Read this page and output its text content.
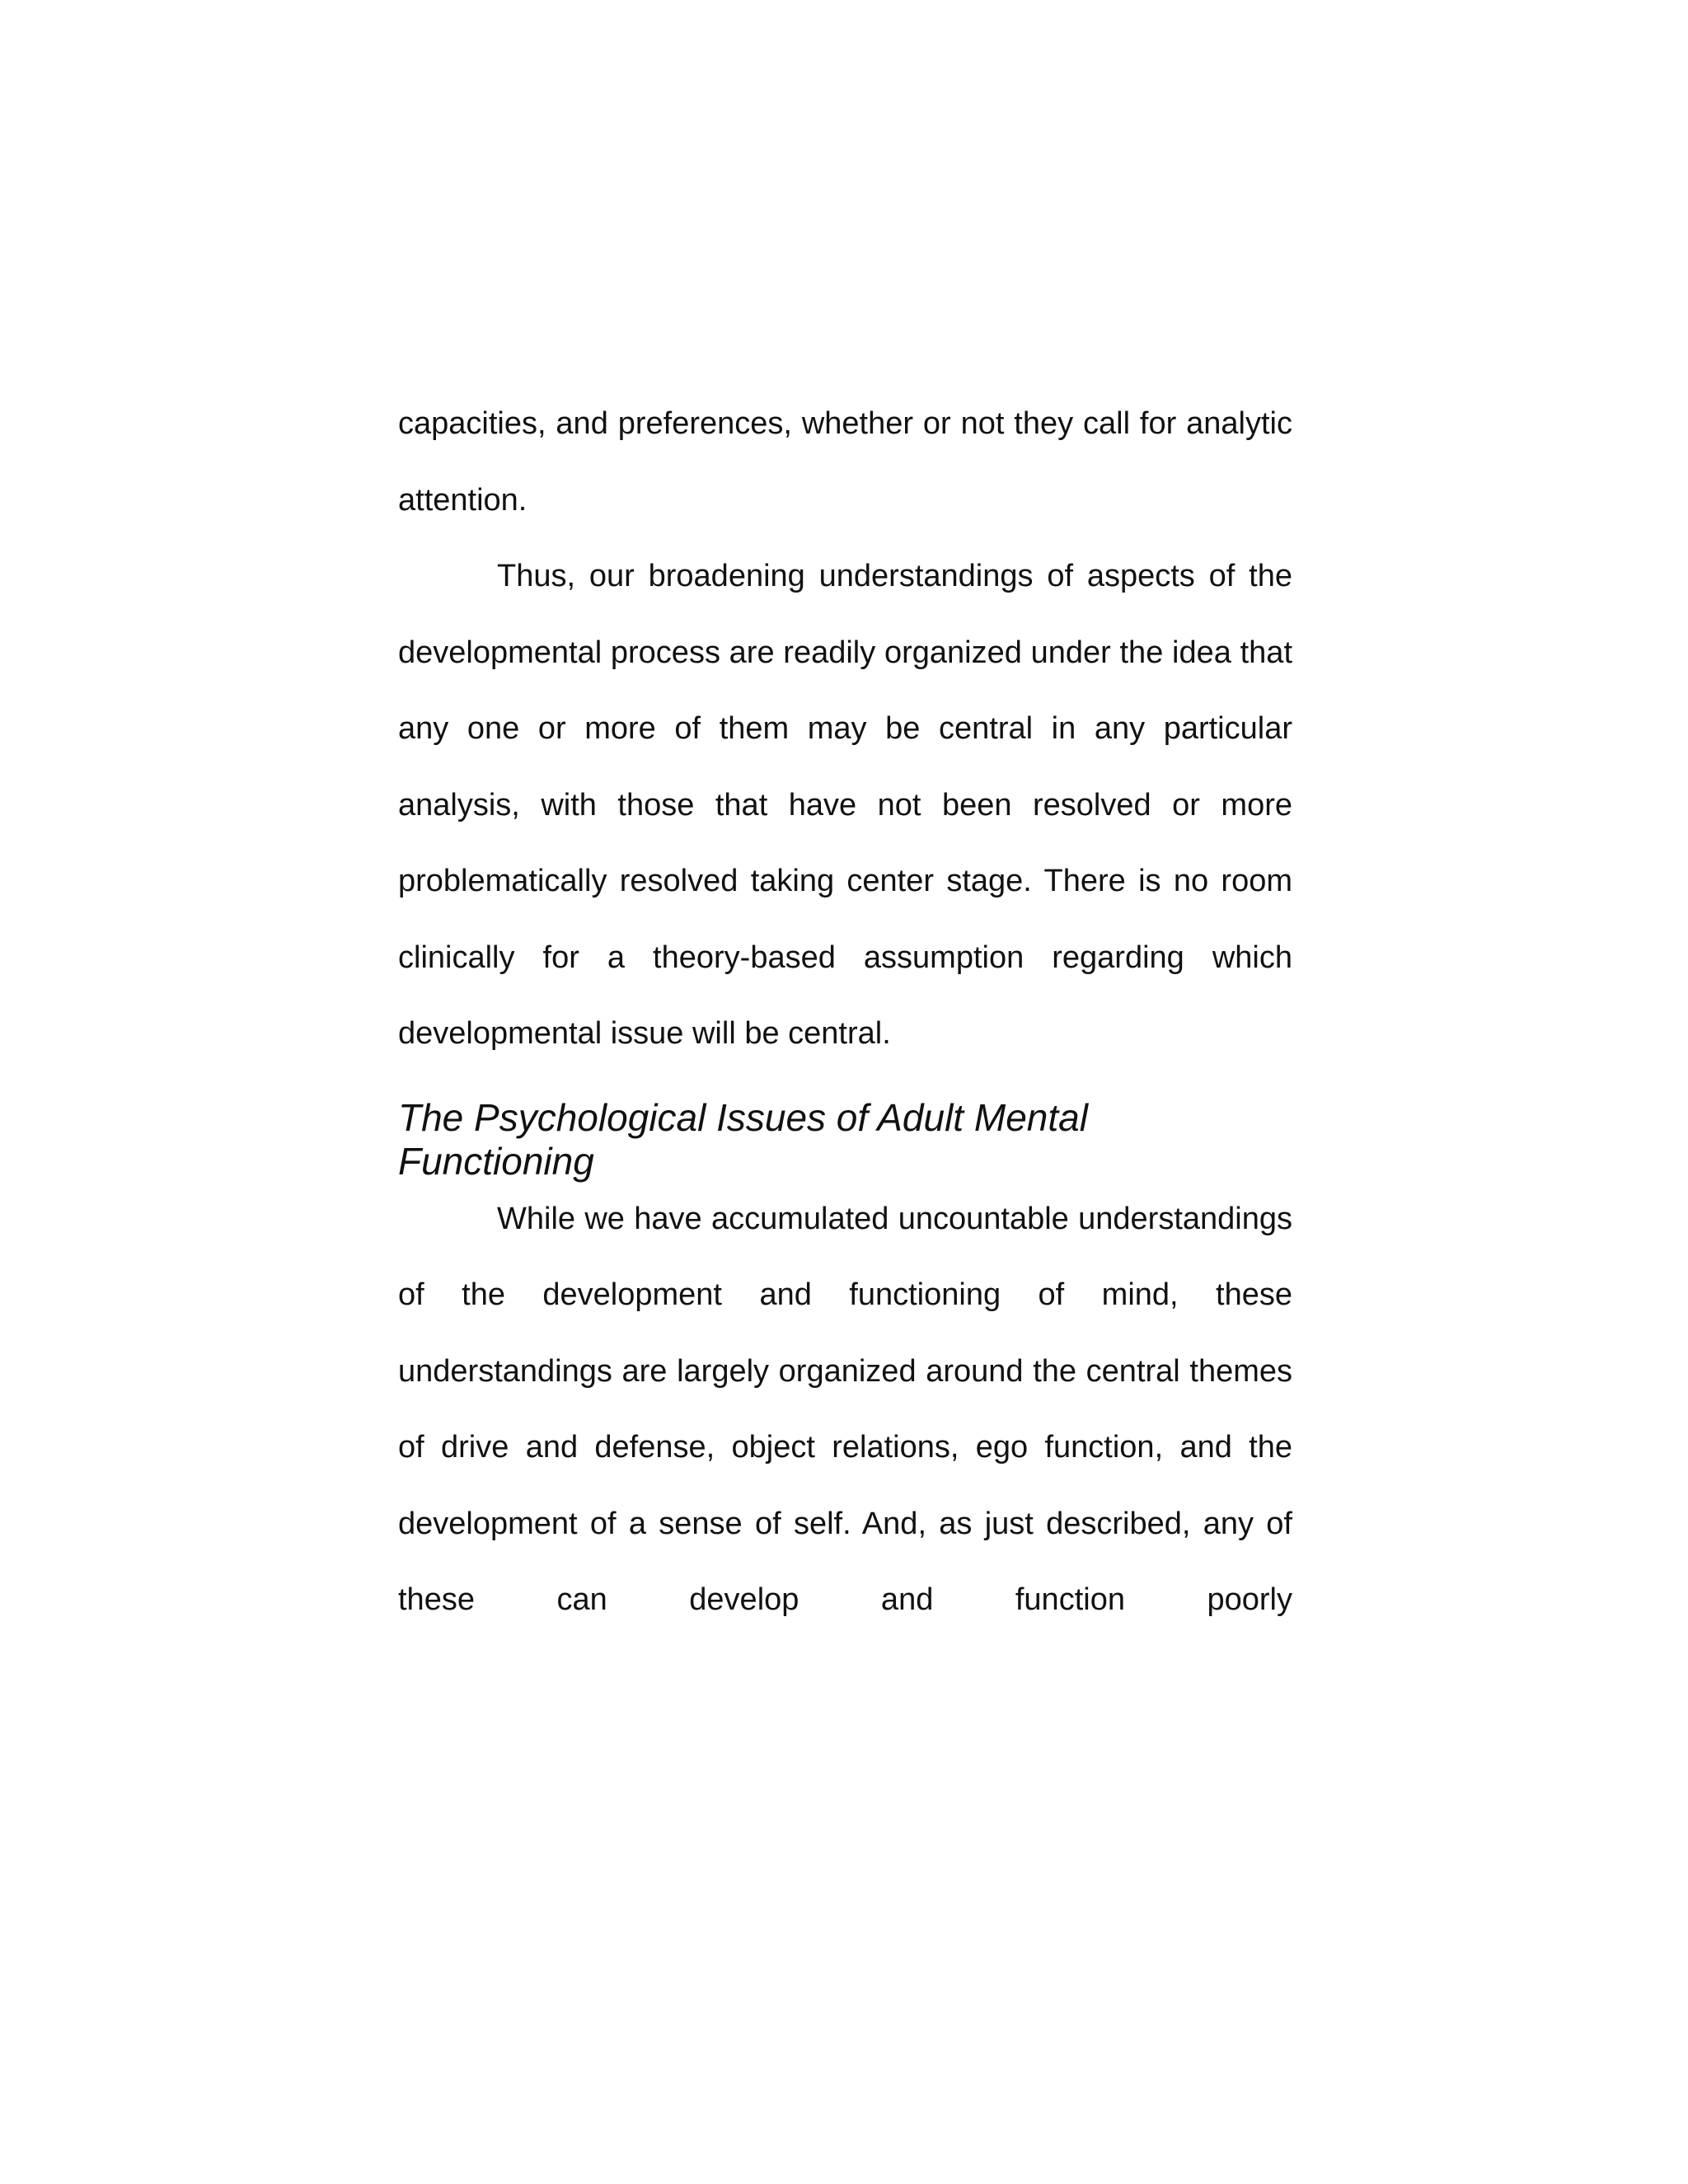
capacities, and preferences, whether or not they call for analytic attention.

Thus, our broadening understandings of aspects of the developmental process are readily organized under the idea that any one or more of them may be central in any particular analysis, with those that have not been resolved or more problematically resolved taking center stage. There is no room clinically for a theory-based assumption regarding which developmental issue will be central.

The Psychological Issues of Adult Mental Functioning

While we have accumulated uncountable understandings of the development and functioning of mind, these understandings are largely organized around the central themes of drive and defense, object relations, ego function, and the development of a sense of self. And, as just described, any of these can develop and function poorly
